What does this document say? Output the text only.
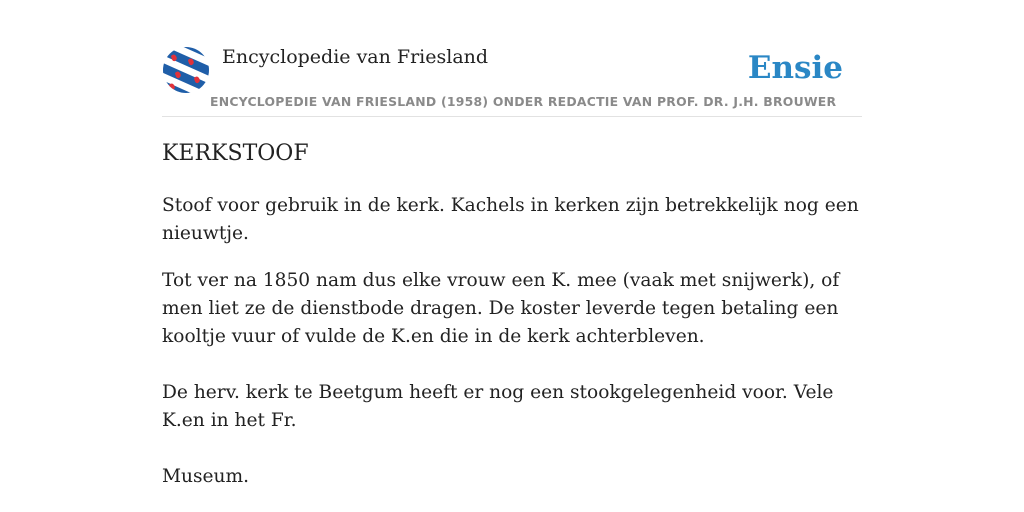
Encyclopedie van Friesland	Ensie
ENCYCLOPEDIE VAN FRIESLAND (1958) ONDER REDACTIE VAN PROF. DR. J.H. BROUWER
KERKSTOOF

Stoof voor gebruik in de kerk. Kachels in kerken zijn betrekkelijk nog een nieuwtje.

Tot ver na 1850 nam dus elke vrouw een K. mee (vaak met snijwerk), of men liet ze de dienstbode dragen. De koster leverde tegen betaling een kooltje vuur of vulde de K.en die in de kerk achterbleven.

De herv. kerk te Beetgum heeft er nog een stookgelegenheid voor. Vele K.en in het Fr.

Museum.
